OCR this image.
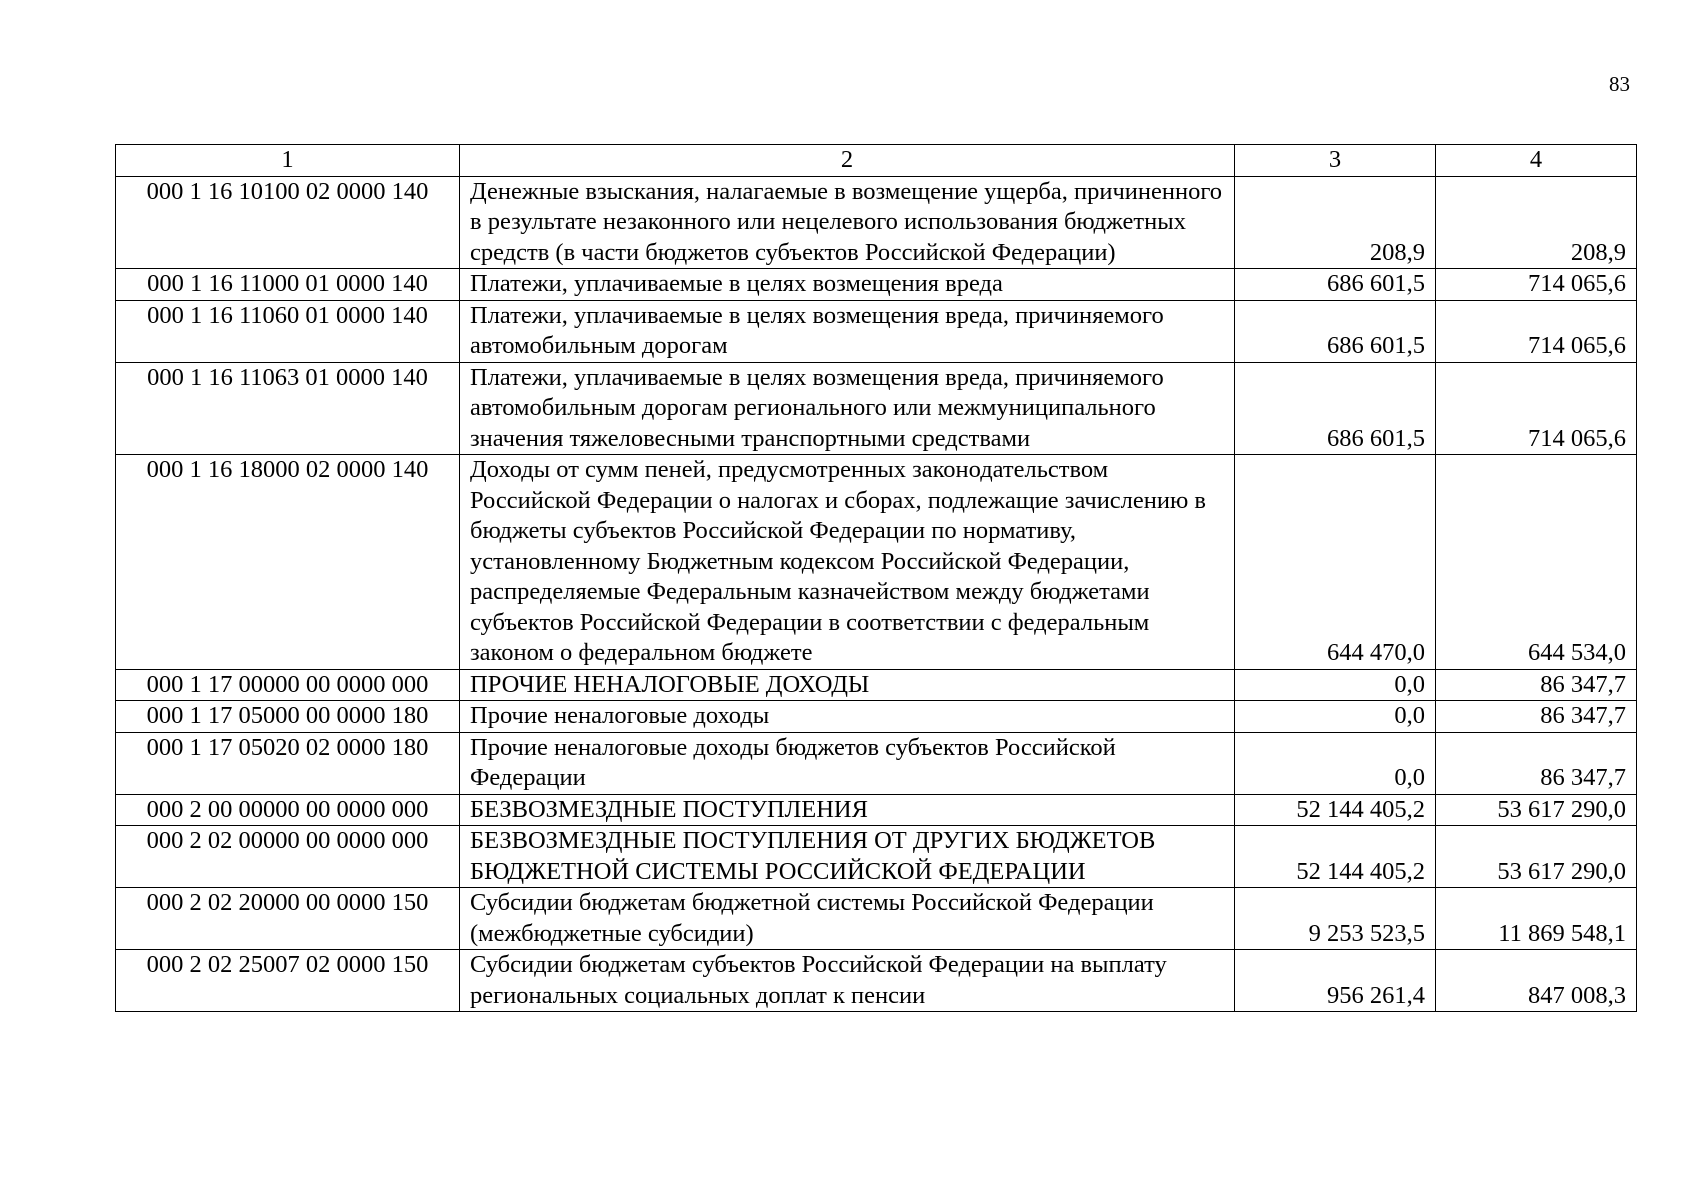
83
1	2	3	4
000 1 16 10100 02 0000 140	Денежные взыскания, налагаемые в возмещение ущерба, причиненного в результате незаконного или нецелевого использования бюджетных средств (в части бюджетов субъектов Российской Федерации)	208,9	208,9
000 1 16 11000 01 0000 140	Платежи, уплачиваемые в целях возмещения вреда	686 601,5	714 065,6
000 1 16 11060 01 0000 140	Платежи, уплачиваемые в целях возмещения вреда, причиняемого автомобильным дорогам	686 601,5	714 065,6
000 1 16 11063 01 0000 140	Платежи, уплачиваемые в целях возмещения вреда, причиняемого автомобильным дорогам регионального или межмуниципального значения тяжеловесными транспортными средствами	686 601,5	714 065,6
000 1 16 18000 02 0000 140	Доходы от сумм пеней, предусмотренных законодательством Российской Федерации о налогах и сборах, подлежащие зачислению в бюджеты субъектов Российской Федерации по нормативу, установленному Бюджетным кодексом Российской Федерации, распределяемые Федеральным казначейством между бюджетами субъектов Российской Федерации в соответствии с федеральным законом о федеральном бюджете	644 470,0	644 534,0
000 1 17 00000 00 0000 000	ПРОЧИЕ НЕНАЛОГОВЫЕ ДОХОДЫ	0,0	86 347,7
000 1 17 05000 00 0000 180	Прочие неналоговые доходы	0,0	86 347,7
000 1 17 05020 02 0000 180	Прочие неналоговые доходы бюджетов субъектов Российской Федерации	0,0	86 347,7
000 2 00 00000 00 0000 000	БЕЗВОЗМЕЗДНЫЕ ПОСТУПЛЕНИЯ	52 144 405,2	53 617 290,0
000 2 02 00000 00 0000 000	БЕЗВОЗМЕЗДНЫЕ ПОСТУПЛЕНИЯ ОТ ДРУГИХ БЮДЖЕТОВ БЮДЖЕТНОЙ СИСТЕМЫ РОССИЙСКОЙ ФЕДЕРАЦИИ	52 144 405,2	53 617 290,0
000 2 02 20000 00 0000 150	Субсидии бюджетам бюджетной системы Российской Федерации (межбюджетные субсидии)	9 253 523,5	11 869 548,1
000 2 02 25007 02 0000 150	Субсидии бюджетам субъектов Российской Федерации на выплату региональных социальных доплат к пенсии	956 261,4	847 008,3
